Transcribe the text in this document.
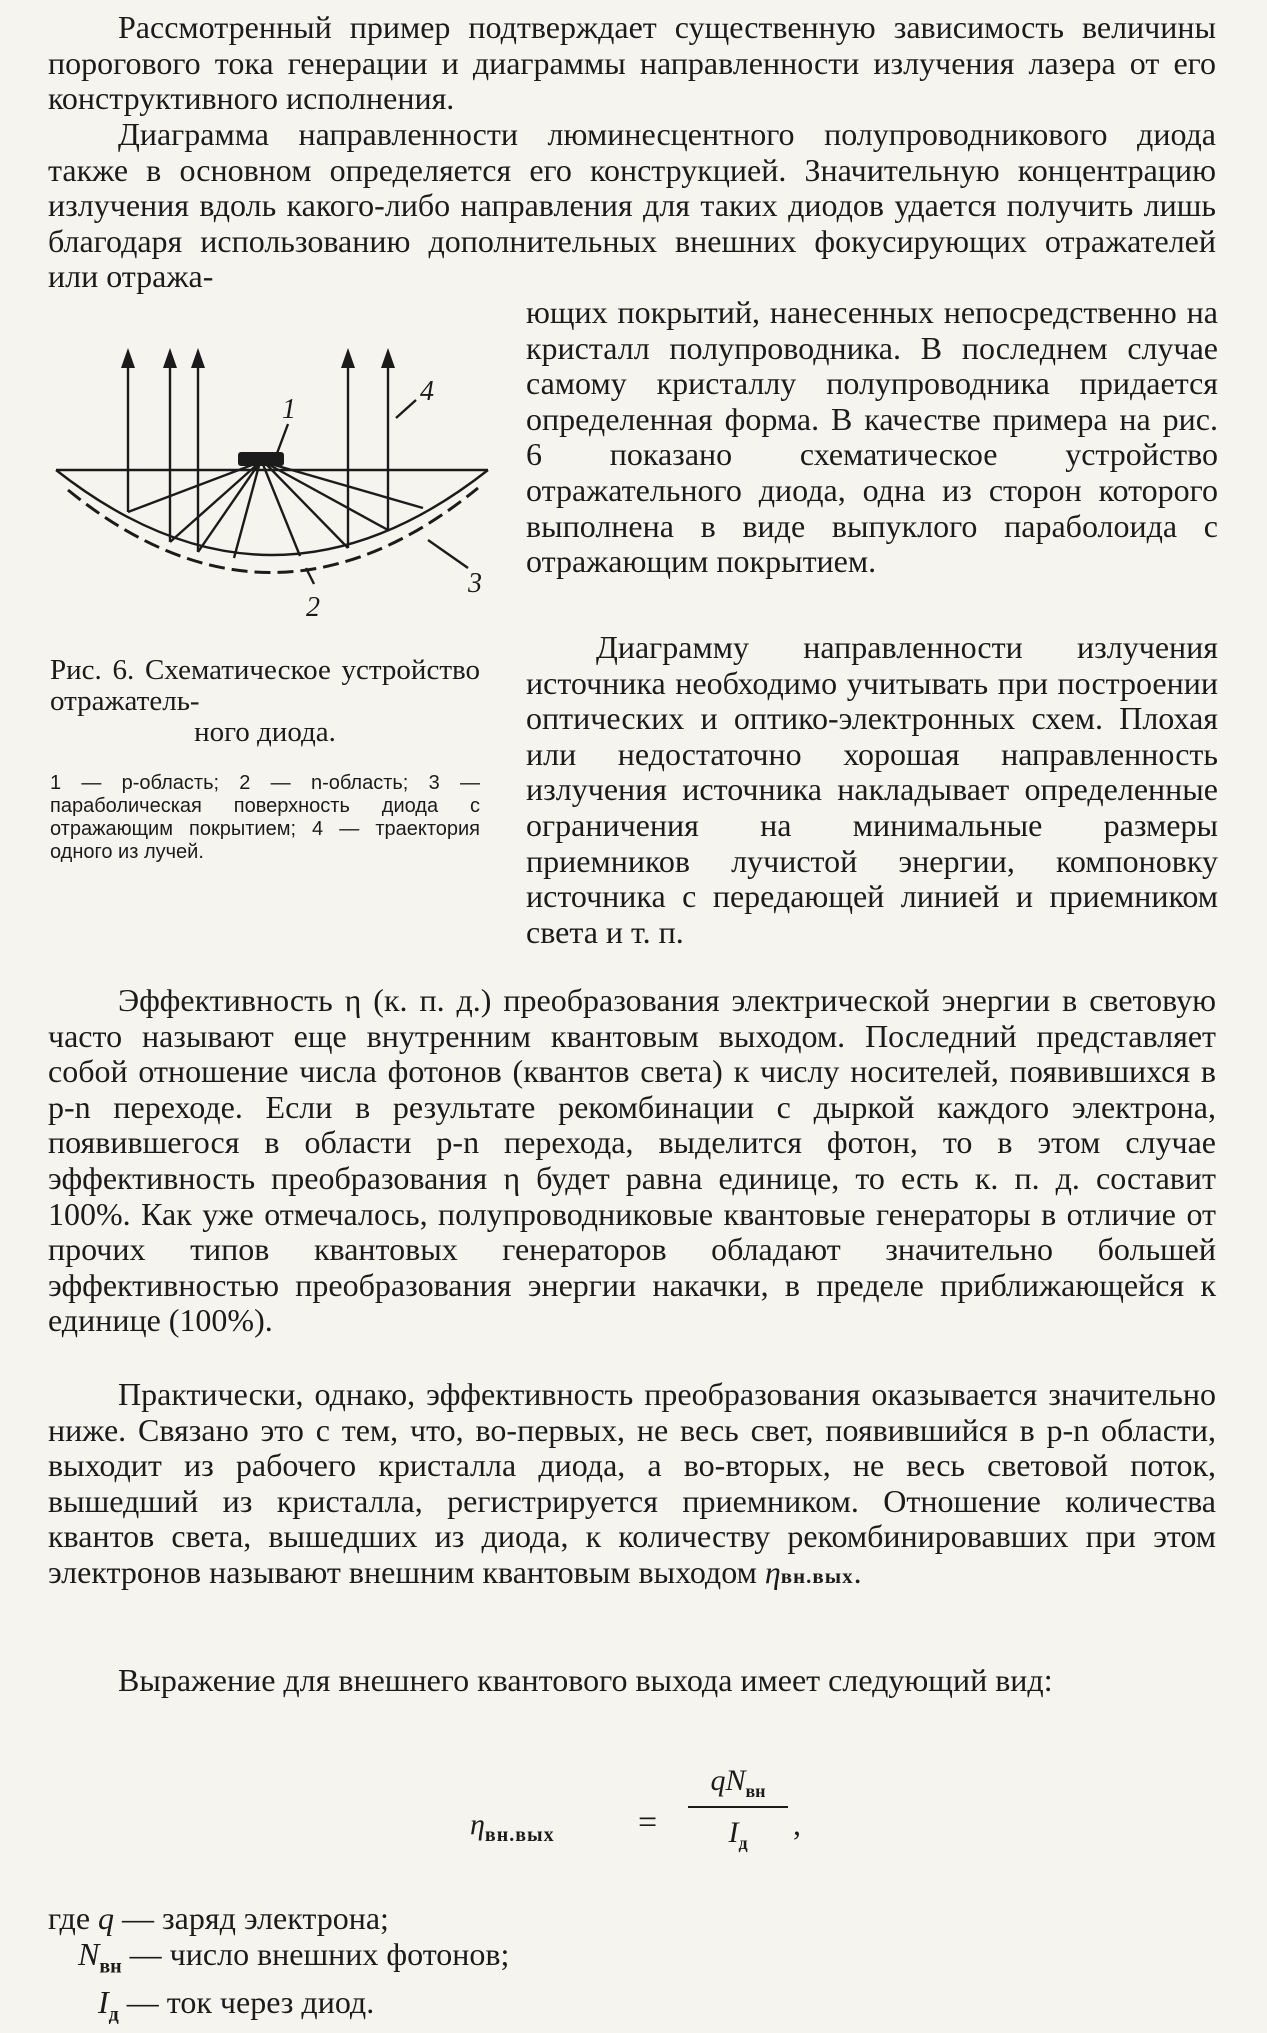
Рассмотренный пример подтверждает существенную зависимость величины порогового тока генерации и диаграммы направленности излучения лазера от его конструктивного исполнения.

Диаграмма направленности люминесцентного полупроводникового диода также в основном определяется его конструкцией. Значительную концентрацию излучения вдоль какого-либо направления для таких диодов удается получить лишь благодаря использованию дополнительных внешних фокусирующих отражателей или отража-

1
4
3
2

ющих покрытий, нанесенных непосредственно на кристалл полупроводника. В последнем случае самому кристаллу полупроводника придается определенная форма. В качестве примера на рис. 6 показано схематическое устройство отражательного диода, одна из сторон которого выполнена в виде выпуклого параболоида с отражающим покрытием.

Диаграмму направленности излучения источника необходимо учитывать при построении оптических и оптико-электронных схем. Плохая или недостаточно хорошая направленность излучения источника накладывает определенные ограничения на минимальные размеры приемников лучистой энергии, компоновку источника с передающей линией и приемником света и т. п.

Рис. 6. Схематическое устройство отражатель-
ного диода.

1 — p-область; 2 — n-область; 3 — параболическая поверхность диода с отражающим покрытием; 4 — траектория одного из лучей.

Эффективность η (к. п. д.) преобразования электрической энергии в световую часто называют еще внутренним квантовым выходом. Последний представляет собой отношение числа фотонов (квантов света) к числу носителей, появившихся в p-n переходе. Если в результате рекомбинации с дыркой каждого электрона, появившегося в области p-n перехода, выделится фотон, то в этом случае эффективность преобразования η будет равна единице, то есть к. п. д. составит 100%. Как уже отмечалось, полупроводниковые квантовые генераторы в отличие от прочих типов квантовых генераторов обладают значительно большей эффективностью преобразования энергии накачки, в пределе приближающейся к единице (100%).

Практически, однако, эффективность преобразования оказывается значительно ниже. Связано это с тем, что, во-первых, не весь свет, появившийся в p-n области, выходит из рабочего кристалла диода, а во-вторых, не весь световой поток, вышедший из кристалла, регистрируется приемником. Отношение количества квантов света, вышедших из диода, к количеству рекомбинировавших при этом электронов называют внешним квантовым выходом ηвн.вых.

Выражение для внешнего квантового выхода имеет следующий вид:

$\eta_{вн.вых}$ =
$qN_{вн}$
$I_д$
,
где q — заряд электрона;
$N_{вн}$ — число внешних фотонов;
$I_д$ — ток через диод.
